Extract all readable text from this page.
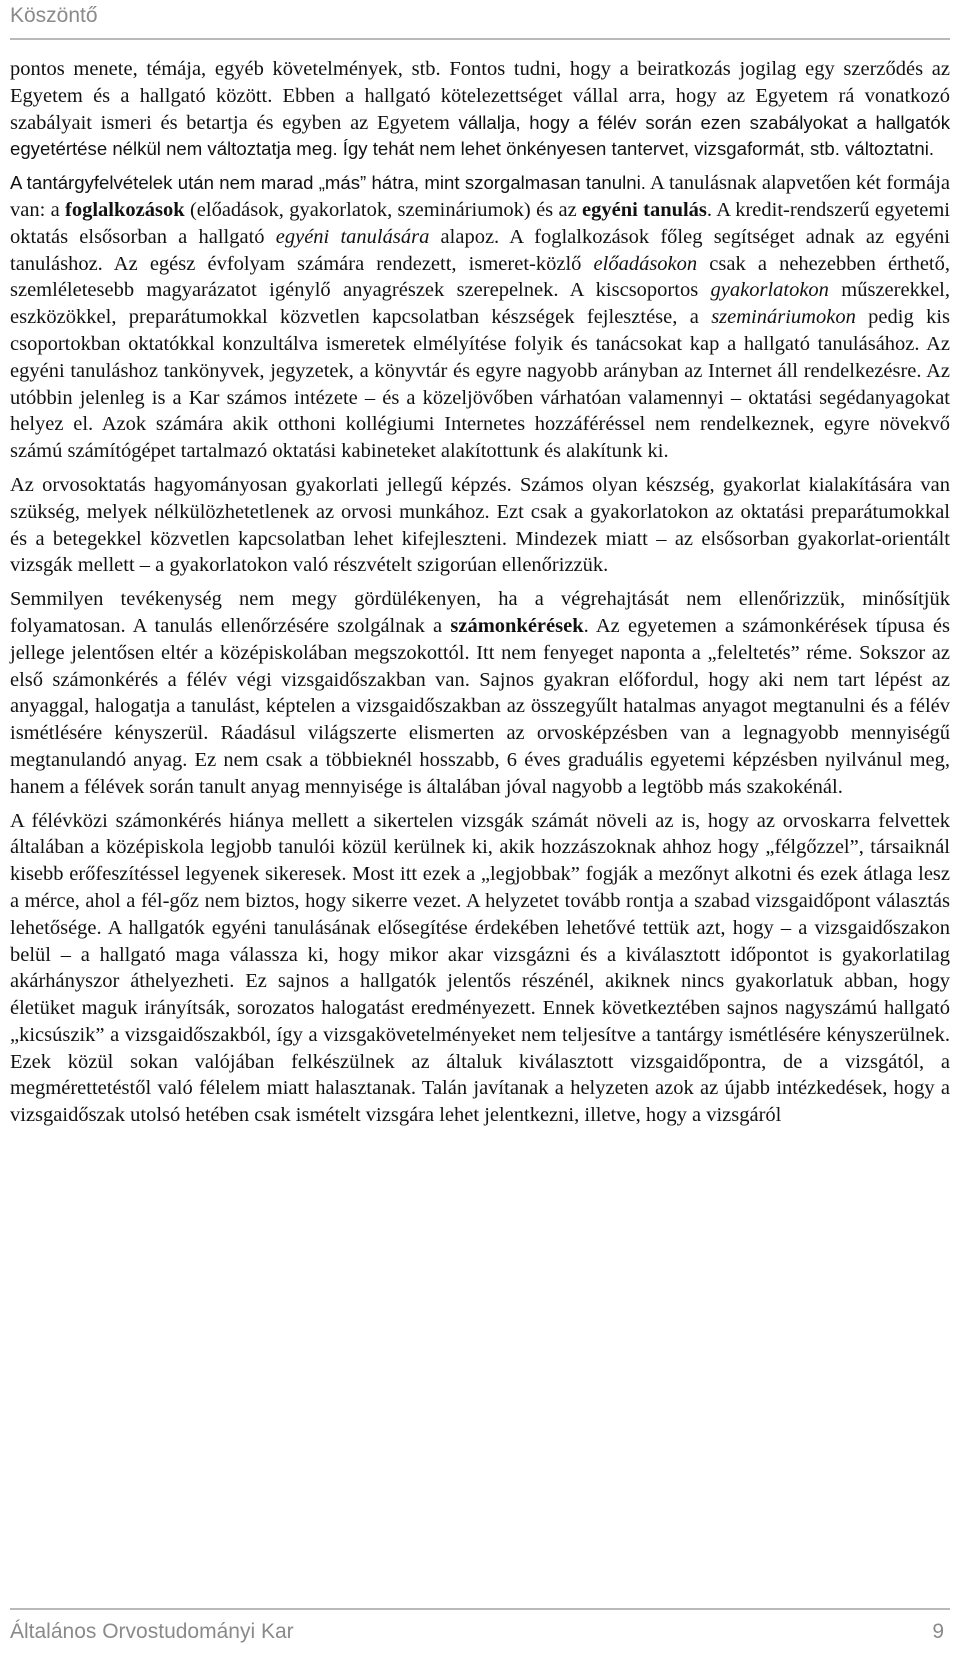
Köszöntő

pontos menete, témája, egyéb követelmények, stb. Fontos tudni, hogy a beiratkozás jogilag egy szerződés az Egyetem és a hallgató között. Ebben a hallgató kötelezettséget vállal arra, hogy az Egyetem rá vonatkozó szabályait ismeri és betartja és egyben az Egyetem vállalja, hogy a félév során ezen szabályokat a hallgatók egyetértése nélkül nem változtatja meg. Így tehát nem lehet önkényesen tantervet, vizsgaformát, stb. változtatni.

A tantárgyfelvételek után nem marad „más” hátra, mint szorgalmasan tanulni. A tanulásnak alapvetően két formája van: a foglalkozások (előadások, gyakorlatok, szemináriumok) és az egyéni tanulás. A kredit-rendszerű egyetemi oktatás elsősorban a hallgató egyéni tanulására alapoz. A foglalkozások főleg segítséget adnak az egyéni tanuláshoz. Az egész évfolyam számára rendezett, ismeret-közlő előadásokon csak a nehezebben érthető, szemléletesebb magyarázatot igénylő anyagrészek szerepelnek. A kiscsoportos gyakorlatokon műszerekkel, eszközökkel, preparátumokkal közvetlen kapcsolatban készségek fejlesztése, a szemináriumokon pedig kis csoportokban oktatókkal konzultálva ismeretek elmélyítése folyik és tanácsokat kap a hallgató tanulásához. Az egyéni tanuláshoz tankönyvek, jegyzetek, a könyvtár és egyre nagyobb arányban az Internet áll rendelkezésre. Az utóbbin jelenleg is a Kar számos intézete – és a közeljövőben várhatóan valamennyi – oktatási segédanyagokat helyez el. Azok számára akik otthoni kollégiumi Internetes hozzáféréssel nem rendelkeznek, egyre növekvő számú számítógépet tartalmazó oktatási kabineteket alakítottunk és alakítunk ki.

Az orvosoktatás hagyományosan gyakorlati jellegű képzés. Számos olyan készség, gyakorlat kialakítására van szükség, melyek nélkülözhetetlenek az orvosi munkához. Ezt csak a gyakorlatokon az oktatási preparátumokkal és a betegekkel közvetlen kapcsolatban lehet kifejleszteni. Mindezek miatt – az elsősorban gyakorlat-orientált vizsgák mellett – a gyakorlatokon való részvételt szigorúan ellenőrizzük.

Semmilyen tevékenység nem megy gördülékenyen, ha a végrehajtását nem ellenőrizzük, minősítjük folyamatosan. A tanulás ellenőrzésére szolgálnak a számonkérések. Az egyetemen a számonkérések típusa és jellege jelentősen eltér a középiskolában megszokottól. Itt nem fenyeget naponta a „feleltetés” réme. Sokszor az első számonkérés a félév végi vizsgaidőszakban van. Sajnos gyakran előfordul, hogy aki nem tart lépést az anyaggal, halogatja a tanulást, képtelen a vizsgaidőszakban az összegyűlt hatalmas anyagot megtanulni és a félév ismétlésére kényszerül. Ráadásul világszerte elismerten az orvosképzésben van a legnagyobb mennyiségű megtanulandó anyag. Ez nem csak a többieknél hosszabb, 6 éves graduális egyetemi képzésben nyilvánul meg, hanem a félévek során tanult anyag mennyisége is általában jóval nagyobb a legtöbb más szakokénál.

A félévközi számonkérés hiánya mellett a sikertelen vizsgák számát növeli az is, hogy az orvoskarra felvettek általában a középiskola legjobb tanulói közül kerülnek ki, akik hozzászoknak ahhoz hogy „félgőzzel”, társaiknál kisebb erőfeszítéssel legyenek sikeresek. Most itt ezek a „legjobbak” fogják a mezőnyt alkotni és ezek átlaga lesz a mérce, ahol a fél-gőz nem biztos, hogy sikerre vezet. A helyzetet tovább rontja a szabad vizsgaidőpont választás lehetősége. A hallgatók egyéni tanulásának elősegítése érdekében lehetővé tettük azt, hogy – a vizsgaidőszakon belül – a hallgató maga válassza ki, hogy mikor akar vizsgázni és a kiválasztott időpontot is gyakorlatilag akárhányszor áthelyezheti. Ez sajnos a hallgatók jelentős részénél, akiknek nincs gyakorlatuk abban, hogy életüket maguk irányítsák, sorozatos halogatást eredményezett. Ennek következtében sajnos nagyszámú hallgató „kicsúszik” a vizsgaidőszakból, így a vizsgakövetelményeket nem teljesítve a tantárgy ismétlésére kényszerülnek. Ezek közül sokan valójában felkészülnek az általuk kiválasztott vizsgaidőpontra, de a vizsgától, a megmérettetéstől való félelem miatt halasztanak. Talán javítanak a helyzeten azok az újabb intézkedések, hogy a vizsgaidőszak utolsó hetében csak ismételt vizsgára lehet jelentkezni, illetve, hogy a vizsgáról

Általános Orvostudományi Kar	9
